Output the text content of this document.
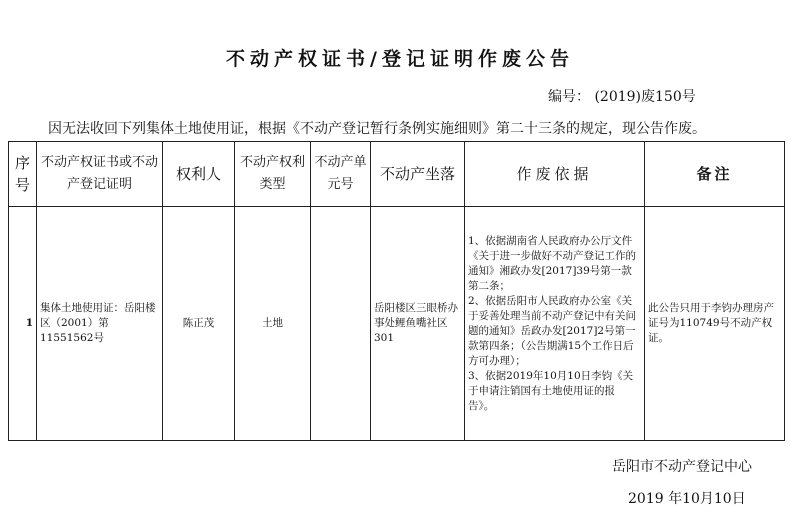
不动产权证书/登记证明作废公告
编号： (2019)废150号
因无法收回下列集体土地使用证，根据《不动产登记暂行条例实施细则》第二十三条的规定，现公告作废。
序号	不动产权证书或不动产登记证明	权利人	不动产权利类型	不动产单元号	不动产坐落	作废依据	备注
1	集体土地使用证：岳阳楼区（2001）第11551562号	陈正茂	土地		岳阳楼区三眼桥办事处鲤鱼嘴社区301	1、依据湖南省人民政府办公厅文件《关于进一步做好不动产登记工作的通知》湘政办发[2017]39号第一款第二条；

2、依据岳阳市人民政府办公室《关于妥善处理当前不动产登记中有关问题的通知》岳政办发[2017]2号第一款第四条；（公告期满15个工作日后方可办理）；

3、依据2019年10月10日李钧《关于申请注销国有土地使用证的报告》。	此公告只用于李钧办理房产证号为110749号不动产权证。
岳阳市不动产登记中心
2019 年10月10日
